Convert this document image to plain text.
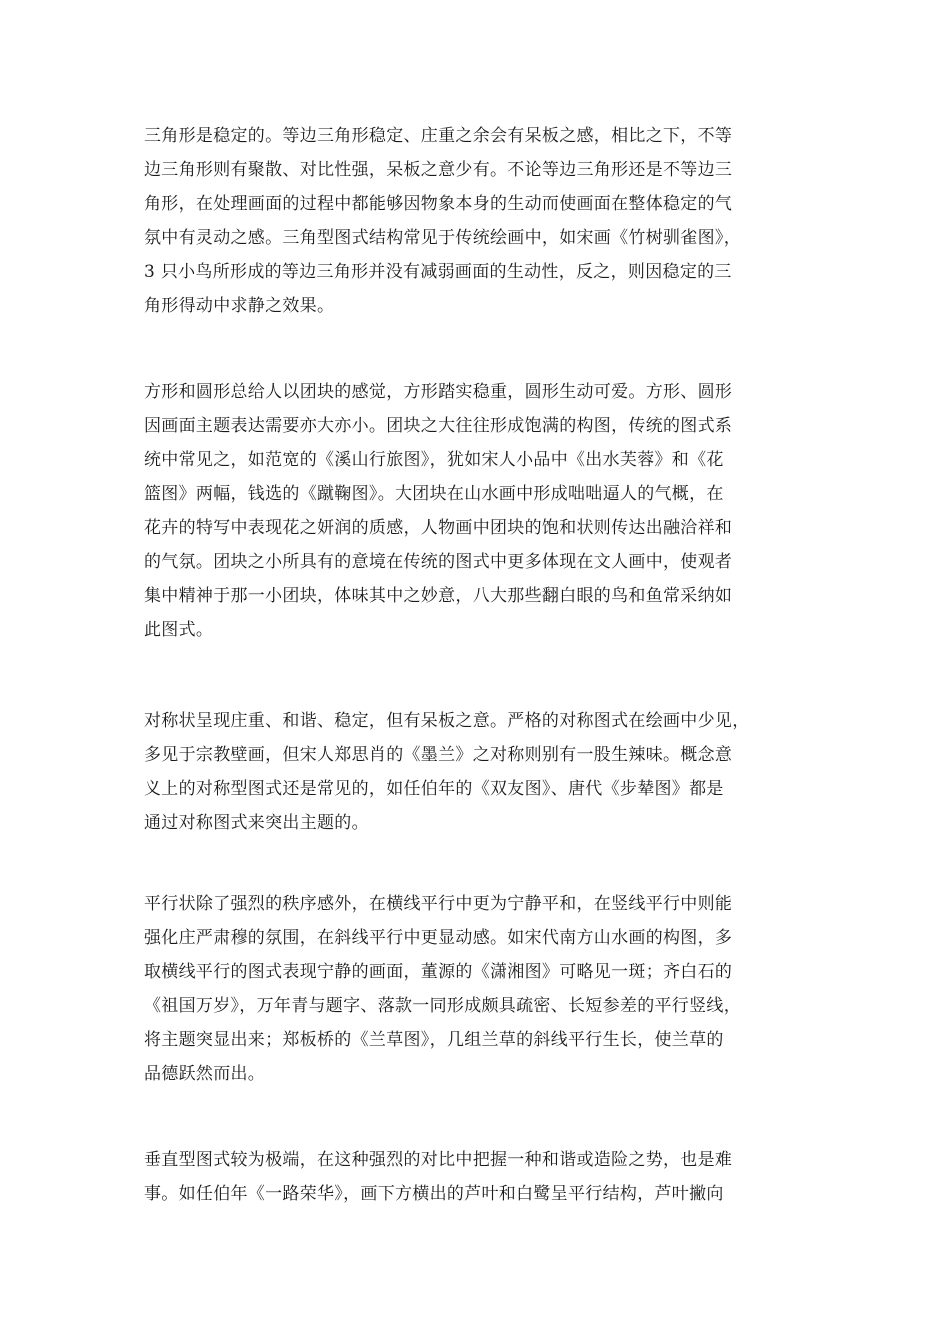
三角形是稳定的。等边三角形稳定、庄重之余会有呆板之感，相比之下，不等
边三角形则有聚散、对比性强，呆板之意少有。不论等边三角形还是不等边三
角形，在处理画面的过程中都能够因物象本身的生动而使画面在整体稳定的气
氛中有灵动之感。三角型图式结构常见于传统绘画中，如宋画《竹树驯雀图》，
3 只小鸟所形成的等边三角形并没有减弱画面的生动性，反之，则因稳定的三
角形得动中求静之效果。
方形和圆形总给人以团块的感觉，方形踏实稳重，圆形生动可爱。方形、圆形
因画面主题表达需要亦大亦小。团块之大往往形成饱满的构图，传统的图式系
统中常见之，如范宽的《溪山行旅图》，犹如宋人小品中《出水芙蓉》和《花
篮图》两幅，钱选的《蹴鞠图》。大团块在山水画中形成咄咄逼人的气概，在
花卉的特写中表现花之妍润的质感，人物画中团块的饱和状则传达出融洽祥和
的气氛。团块之小所具有的意境在传统的图式中更多体现在文人画中，使观者
集中精神于那一小团块，体味其中之妙意，八大那些翻白眼的鸟和鱼常采纳如
此图式。
对称状呈现庄重、和谐、稳定，但有呆板之意。严格的对称图式在绘画中少见，
多见于宗教壁画，但宋人郑思肖的《墨兰》之对称则别有一股生辣味。概念意
义上的对称型图式还是常见的，如任伯年的《双友图》、唐代《步辇图》都是
通过对称图式来突出主题的。
平行状除了强烈的秩序感外，在横线平行中更为宁静平和，在竖线平行中则能
强化庄严肃穆的氛围，在斜线平行中更显动感。如宋代南方山水画的构图，多
取横线平行的图式表现宁静的画面，董源的《潇湘图》可略见一斑；齐白石的
《祖国万岁》，万年青与题字、落款一同形成颇具疏密、长短参差的平行竖线，
将主题突显出来；郑板桥的《兰草图》，几组兰草的斜线平行生长，使兰草的
品德跃然而出。
垂直型图式较为极端，在这种强烈的对比中把握一种和谐或造险之势，也是难
事。如任伯年《一路荣华》，画下方横出的芦叶和白鹭呈平行结构，芦叶撇向
